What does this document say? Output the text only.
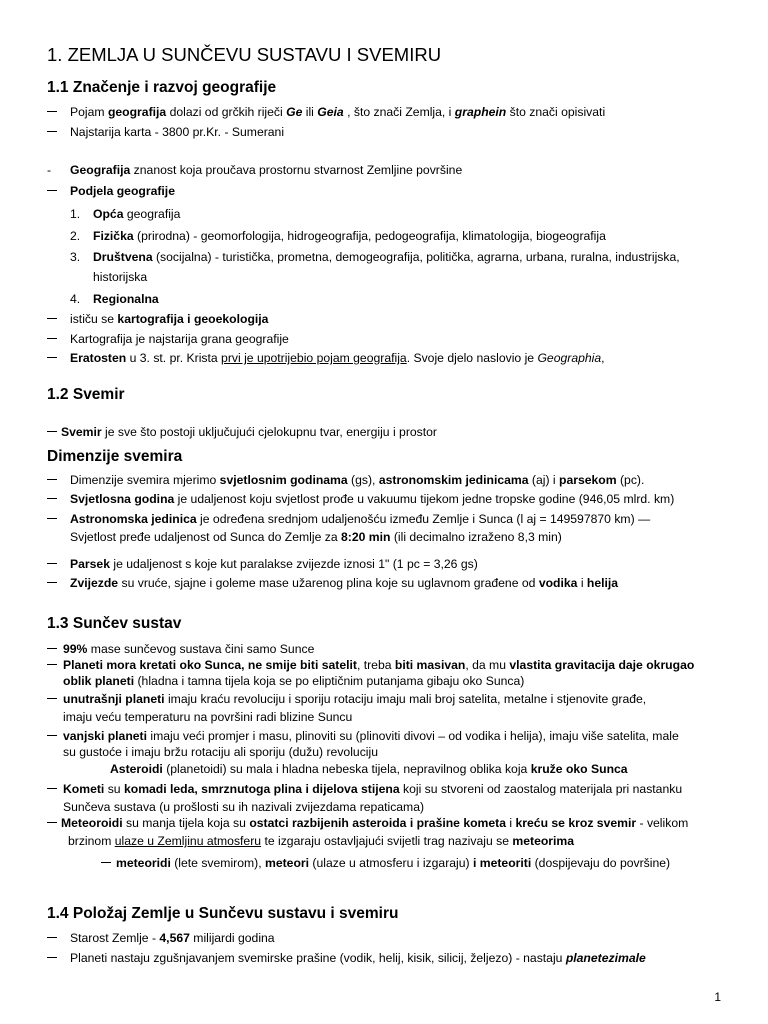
1. ZEMLJA U SUNČEVU SUSTAVU I SVEMIRU
1.1 Značenje i razvoj geografije
Pojam geografija dolazi od grčkih riječi Ge ili Geia , što znači Zemlja, i graphein što znači opisivati
Najstarija karta - 3800 pr.Kr. - Sumerani
- Geografija znanost koja proučava prostornu stvarnost Zemljine površine
Podjela geografije
1. Opća geografija
2. Fizička (prirodna) - geomorfologija, hidrogeografija, pedogeografija, klimatologija, biogeografija
3. Društvena (socijalna) - turistička, prometna, demogeografija, politička, agrarna, urbana, ruralna, industrijska,
historijska
4. Regionalna
ističu se kartografija i geoekologija
Kartografija je najstarija grana geografije
Eratosten u 3. st. pr. Krista prvi je upotrijebio pojam geografija. Svoje djelo naslovio je Geographia,
1.2 Svemir
Svemir je sve što postoji uključujući cjelokupnu tvar, energiju i prostor
Dimenzije svemira
Dimenzije svemira mjerimo svjetlosnim godinama (gs), astronomskim jedinicama (aj) i parsekom (pc).
Svjetlosna godina je udaljenost koju svjetlost prođe u vakuumu tijekom jedne tropske godine (946,05 mlrd. km)
Astronomska jedinica je određena srednjom udaljenošću između Zemlje i Sunca (l aj = 149597870 km) —
Svjetlost pređe udaljenost od Sunca do Zemlje za 8:20 min (ili decimalno izraženo 8,3 min)
Parsek je udaljenost s koje kut paralakse zvijezde iznosi 1" (1 pc = 3,26 gs)
Zvijezde su vruće, sjajne i goleme mase užarenog plina koje su uglavnom građene od vodika i helija
1.3 Sunčev sustav
99% mase sunčevog sustava čini samo Sunce
Planeti mora kretati oko Sunca, ne smije biti satelit, treba biti masivan, da mu vlastita gravitacija daje okrugao
oblik planeti (hladna i tamna tijela koja se po eliptičnim putanjama gibaju oko Sunca)
unutrašnji planeti imaju kraću revoluciju i sporiju rotaciju imaju mali broj satelita, metalne i stjenovite građe,
imaju veću temperaturu na površini radi blizine Suncu
vanjski planeti imaju veći promjer i masu, plinoviti su (plinoviti divovi – od vodika i helija), imaju više satelita, male
su gustoće i imaju bržu rotaciju ali sporiju (dužu) revoluciju
Asteroidi (planetoidi) su mala i hladna nebeska tijela, nepravilnog oblika koja kruže oko Sunca
Kometi su komadi leda, smrznutoga plina i dijelova stijena koji su stvoreni od zaostalog materijala pri nastanku
Sunčeva sustava (u prošlosti su ih nazivali zvijezdama repaticama)
Meteoroidi su manja tijela koja su ostatci razbijenih asteroida i prašine kometa i kreću se kroz svemir - velikom
brzinom ulaze u Zemljinu atmosferu te izgaraju ostavljajući svijetli trag nazivaju se meteorima
meteoridi (lete svemirom), meteori (ulaze u atmosferu i izgaraju) i meteoriti (dospijevaju do površine)
1.4 Položaj Zemlje u Sunčevu sustavu i svemiru
Starost Zemlje - 4,567 milijardi godina
Planeti nastaju zgušnjavanjem svemirske prašine (vodik, helij, kisik, silicij, željezo) - nastaju planetezimale
1
